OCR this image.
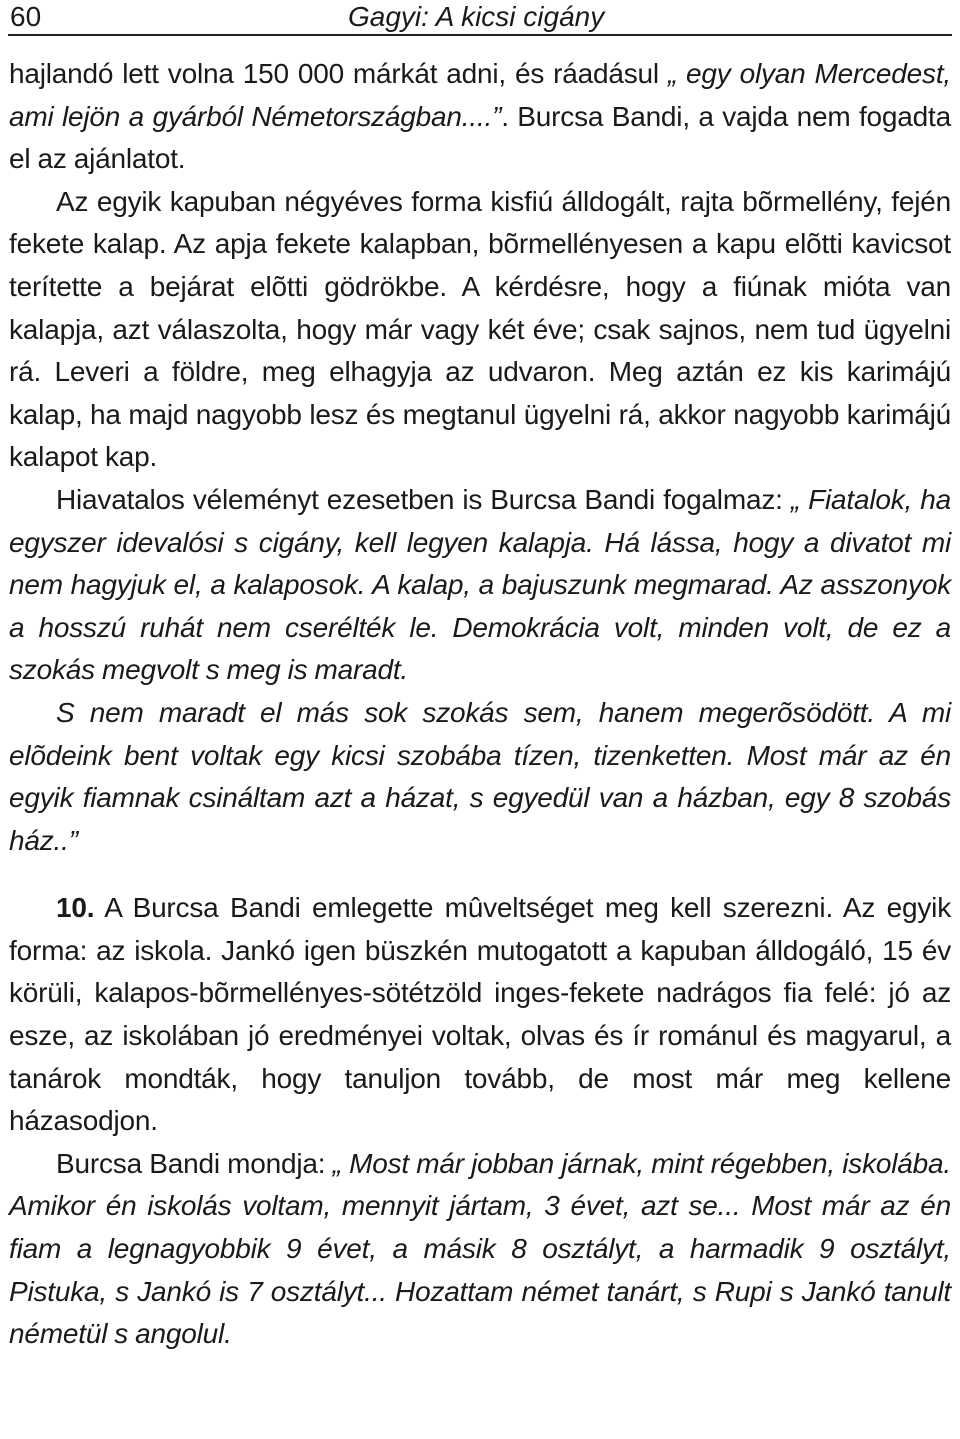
60	Gagyi: A kicsi cigány

hajlandó lett volna 150 000 márkát adni, és ráadásul „ egy olyan Mercedest, ami lejön a gyárból Németországban....”. Burcsa Bandi, a vajda nem fogadta el az ajánlatot.

Az egyik kapuban négyéves forma kisfiú álldogált, rajta bõrmellény, fején fekete kalap. Az apja fekete kalapban, bõrmellényesen a kapu elõtti kavicsot terítette a bejárat elõtti gödrökbe. A kérdésre, hogy a fiúnak mióta van kalapja, azt válaszolta, hogy már vagy két éve; csak sajnos, nem tud ügyelni rá. Leveri a földre, meg elhagyja az udvaron. Meg aztán ez kis karimájú kalap, ha majd nagyobb lesz és megtanul ügyelni rá, akkor nagyobb karimájú kalapot kap.

Hiavatalos véleményt ezesetben is Burcsa Bandi fogalmaz: „ Fiatalok, ha egyszer idevalósi s cigány, kell legyen kalapja. Há lássa, hogy a divatot mi nem hagyjuk el, a kalaposok. A kalap, a bajuszunk megmarad. Az asszonyok a hosszú ruhát nem cserélték le. Demokrácia volt, minden volt, de ez a szokás megvolt s meg is maradt.

S nem maradt el más sok szokás sem, hanem megerõsödött. A mi elõdeink bent voltak egy kicsi szobába tízen, tizenketten. Most már az én egyik fiamnak csináltam azt a házat, s egyedül van a házban, egy 8 szobás ház..”

10. A Burcsa Bandi emlegette mûveltséget meg kell szerezni. Az egyik forma: az iskola. Jankó igen büszkén mutogatott a kapuban álldogáló, 15 év körüli, kalapos-bõrmellényes-sötétzöld inges-fekete nadrágos fia felé: jó az esze, az iskolában jó eredményei voltak, olvas és ír románul és magyarul, a tanárok mondták, hogy tanuljon tovább, de most már meg kellene házasodjon.

Burcsa Bandi mondja: „ Most már jobban járnak, mint régebben, iskolába. Amikor én iskolás voltam, mennyit jártam, 3 évet, azt se... Most már az én fiam a legnagyobbik 9 évet, a másik 8 osztályt, a harmadik 9 osztályt, Pistuka, s Jankó is 7 osztályt... Hozattam német tanárt, s Rupi s Jankó tanult németül s angolul.
